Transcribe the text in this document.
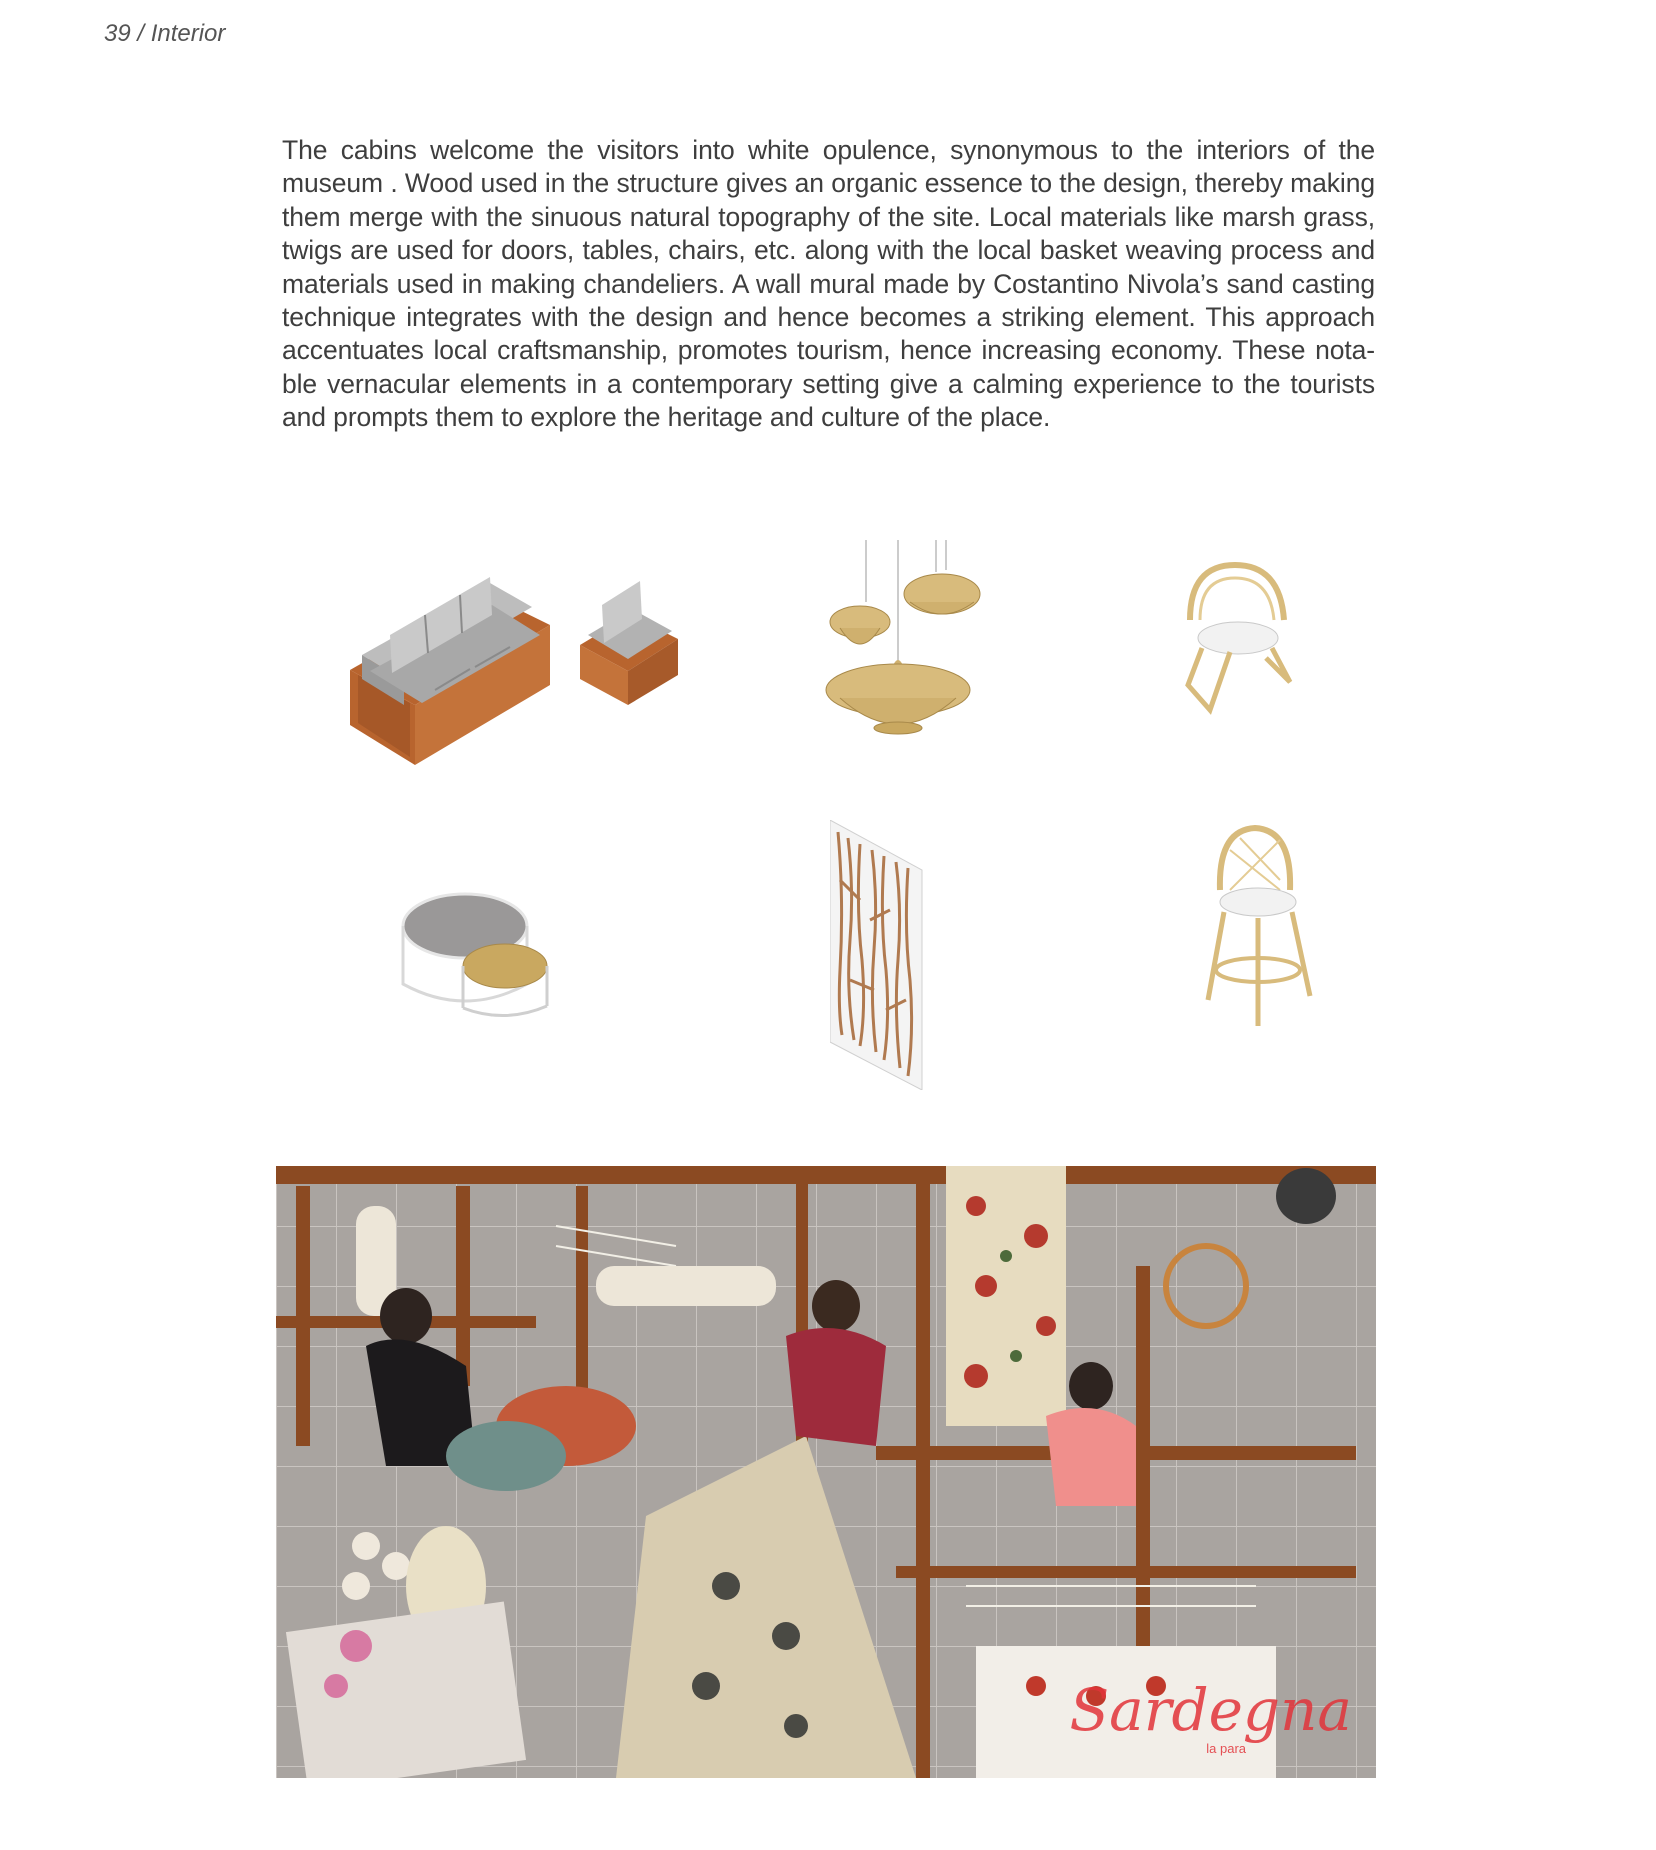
39 / Interior
The cabins welcome the visitors into white opulence, synonymous to the interiors of the museum . Wood used in the structure gives an organic essence to the design, thereby making them merge with the sinuous natural topography of the site. Local materials like marsh grass, twigs are used for doors, tables, chairs, etc. along with the local basket weaving process and materials used in making chandeliers. A wall mural made by Costantino Nivola’s sand casting technique integrates with the design and hence becomes a striking element. This approach accentuates local craftsmanship, promotes tourism, hence increasing economy. These nota-ble vernacular elements in a contemporary setting give a calming experience to the tourists and prompts them to explore the heritage and culture of the place.
Sardegna
la para
